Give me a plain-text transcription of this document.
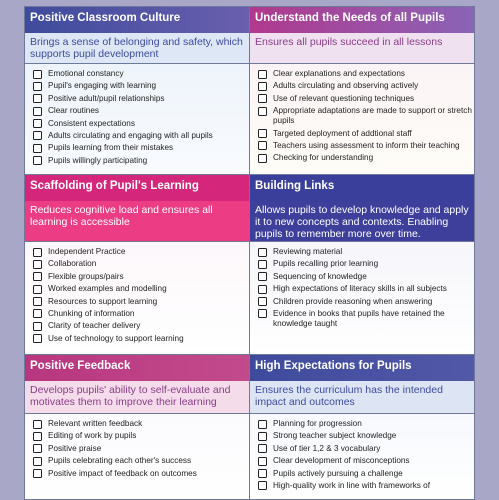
Positive Classroom Culture
Brings a sense of belonging and safety, which supports pupil development
Emotional constancy
Pupil's engaging with learning
Positive adult/pupil relationships
Clear routines
Consistent expectations
Adults circulating and engaging with all pupils
Pupils learning from their mistakes
Pupils willingly participating
Understand the Needs of all Pupils
Ensures all pupils succeed in all lessons
Clear explanations and expectations
Adults circulating and observing actively
Use of relevant questioning techniques
Appropriate adaptations are made to support or stretch pupils
Targeted deployment of addtional staff
Teachers using assessment to inform their teaching
Checking for understanding
Scaffolding of Pupil's Learning
Reduces cognitive load and ensures all learning is accessible
Independent Practice
Collaboration
Flexible groups/pairs
Worked examples and modelling
Resources to support learning
Chunking of information
Clarity of teacher delivery
Use of technology to support learning
Building Links
Allows pupils to develop knowledge and apply it to new concepts and contexts. Enabling pupils to remember more over time.
Reviewing material
Pupils recalling prior learning
Sequencing of knowledge
High expectations of literacy skills in all subjects
Children provide reasoning when answering
Evidence in books that pupils have retained the knowledge taught
Positive Feedback
Develops pupils' ability to self-evaluate and motivates them to improve their learning
Relevant written feedback
Editing of work by pupils
Positive praise
Pupils celebrating each other's success
Positive impact of feedback on outcomes
High Expectations for Pupils
Ensures the curriculum has the intended impact and outcomes
Planning for progression
Strong teacher subject knowledge
Use of tier 1,2 & 3 vocabulary
Clear development of misconceptions
Pupils actively pursuing a challenge
High-quality work in line with frameworks of
